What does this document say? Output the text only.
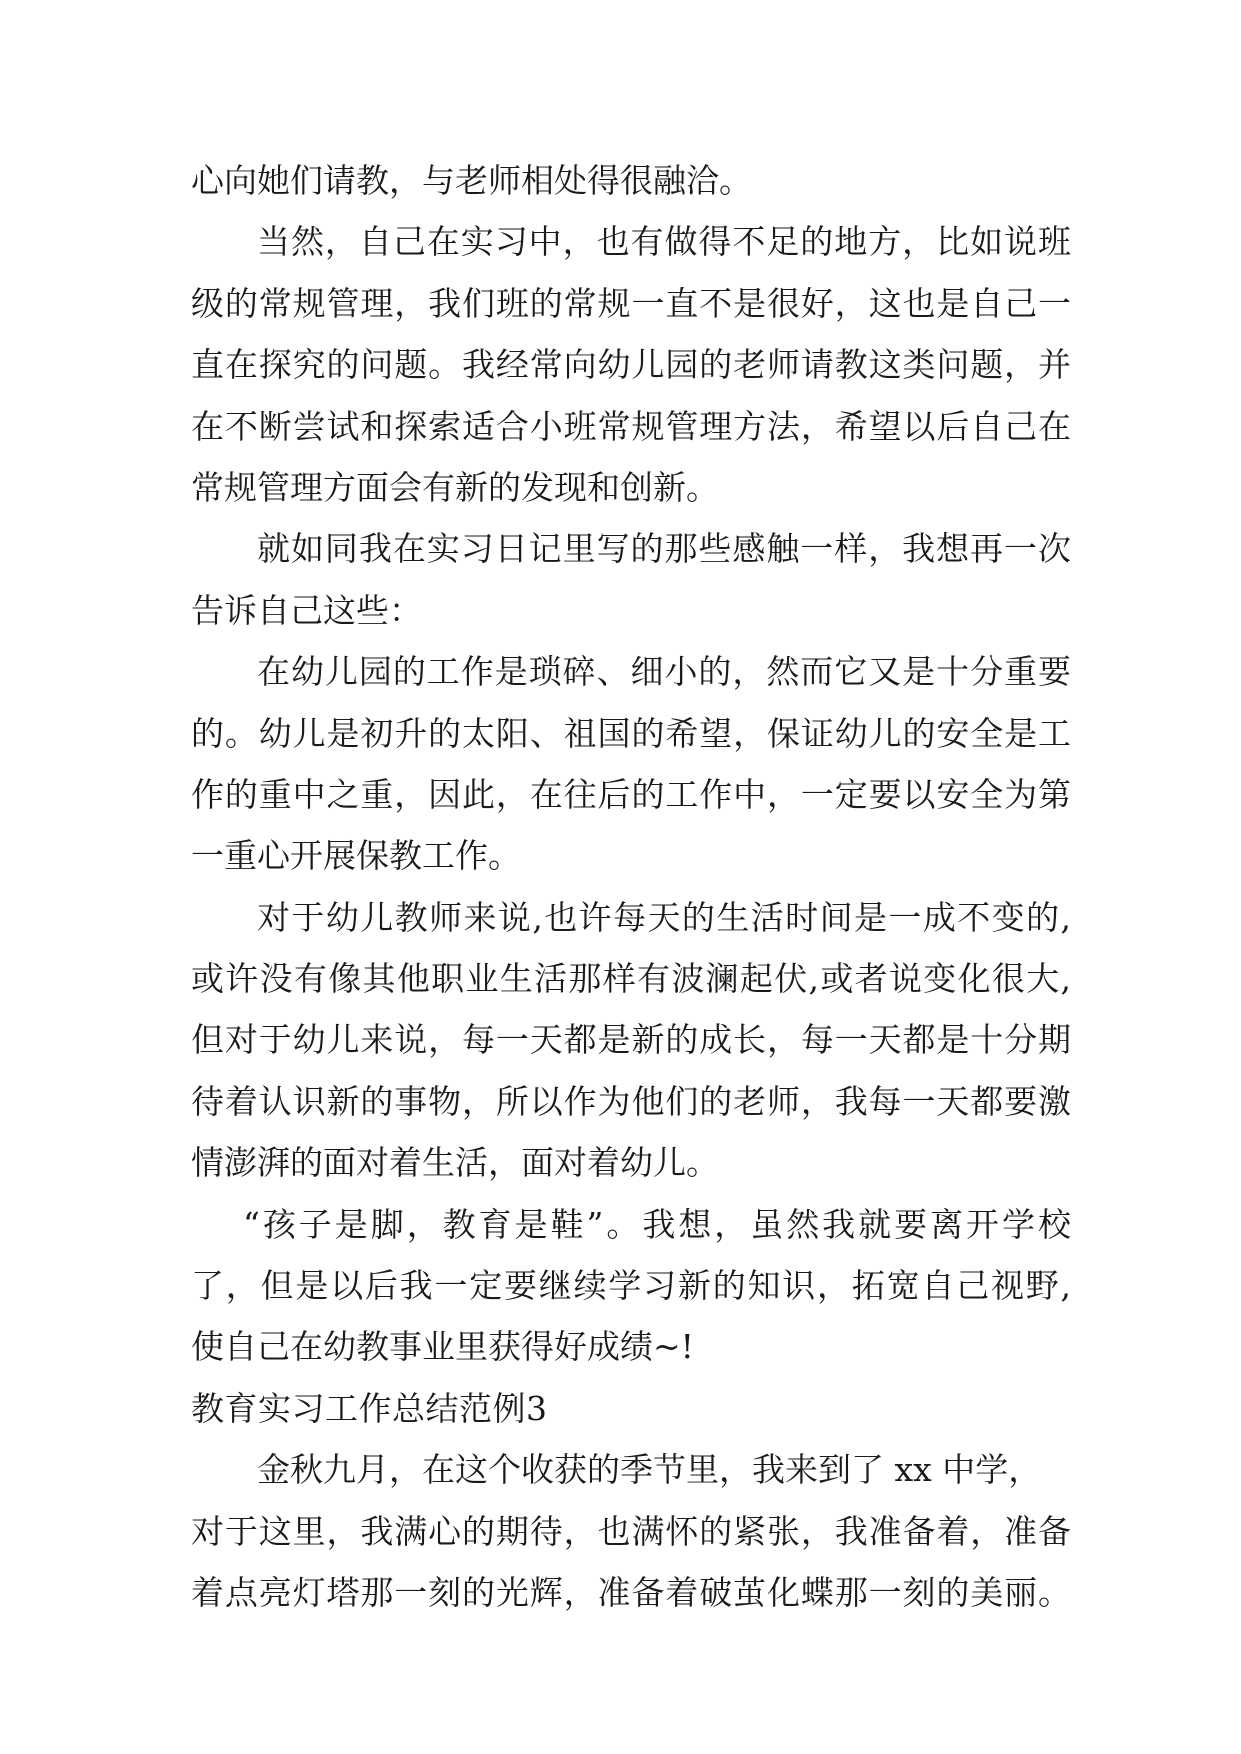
心向她们请教，与老师相处得很融洽。
当然，自己在实习中，也有做得不足的地方，比如说班
级的常规管理，我们班的常规一直不是很好，这也是自己一
直在探究的问题。我经常向幼儿园的老师请教这类问题，并
在不断尝试和探索适合小班常规管理方法，希望以后自己在
常规管理方面会有新的发现和创新。
就如同我在实习日记里写的那些感触一样，我想再一次
告诉自己这些：
在幼儿园的工作是琐碎、细小的，然而它又是十分重要
的。幼儿是初升的太阳、祖国的希望，保证幼儿的安全是工
作的重中之重，因此，在往后的工作中，一定要以安全为第
一重心开展保教工作。
对于幼儿教师来说,也许每天的生活时间是一成不变的,
或许没有像其他职业生活那样有波澜起伏,或者说变化很大,
但对于幼儿来说，每一天都是新的成长，每一天都是十分期
待着认识新的事物，所以作为他们的老师，我每一天都要激
情澎湃的面对着生活，面对着幼儿。
“孩子是脚，教育是鞋”。我想，虽然我就要离开学校
了，但是以后我一定要继续学习新的知识，拓宽自己视野,
使自己在幼教事业里获得好成绩~!
教育实习工作总结范例3
金秋九月，在这个收获的季节里，我来到了 xx 中学，
对于这里，我满心的期待，也满怀的紧张，我准备着，准备
着点亮灯塔那一刻的光辉，准备着破茧化蝶那一刻的美丽。
